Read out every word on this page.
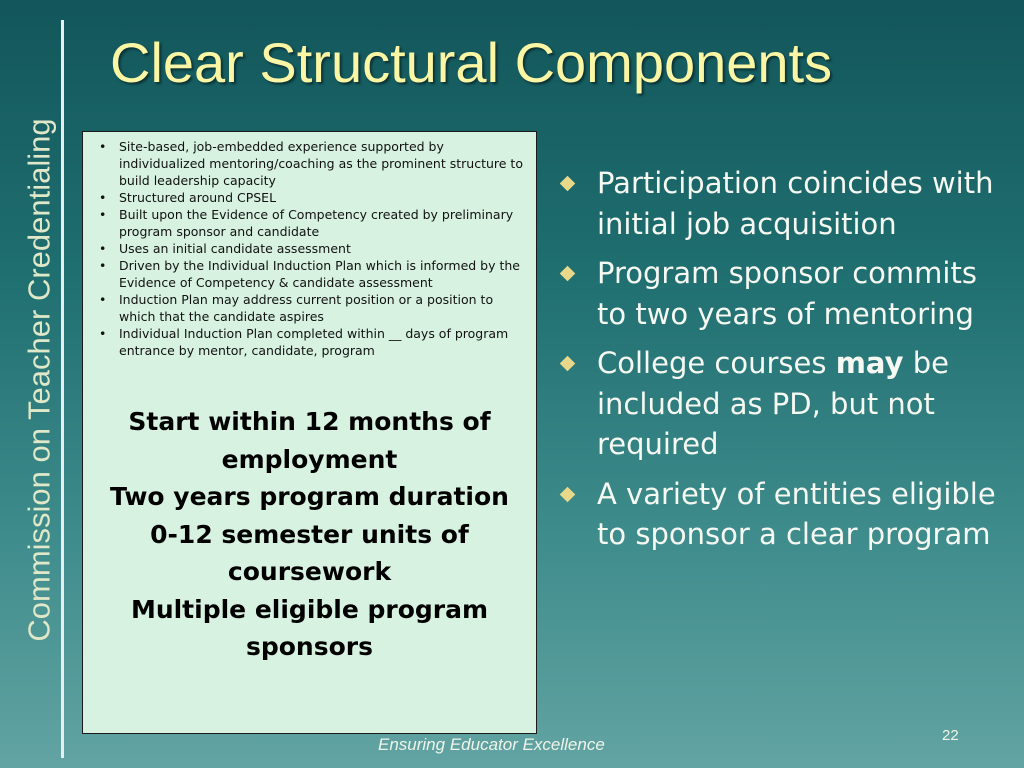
Commission on Teacher Credentialing
Clear Structural Components
• Site-based, job-embedded experience supported by individualized mentoring/coaching as the prominent structure to build leadership capacity
• Structured around CPSEL
• Built upon the Evidence of Competency created by preliminary program sponsor and candidate
• Uses an initial candidate assessment
• Driven by the Individual Induction Plan which is informed by the Evidence of Competency & candidate assessment
• Induction Plan may address current position or a position to which that the candidate aspires
• Individual Induction Plan completed within __ days of program entrance by mentor, candidate, program
Start within 12 months of employment
Two years program duration
0-12 semester units of coursework
Multiple eligible program sponsors
Participation coincides with initial job acquisition
Program sponsor commits to two years of mentoring
College courses may be included as PD, but not required
A variety of entities eligible to sponsor a clear program
Ensuring Educator Excellence	22
